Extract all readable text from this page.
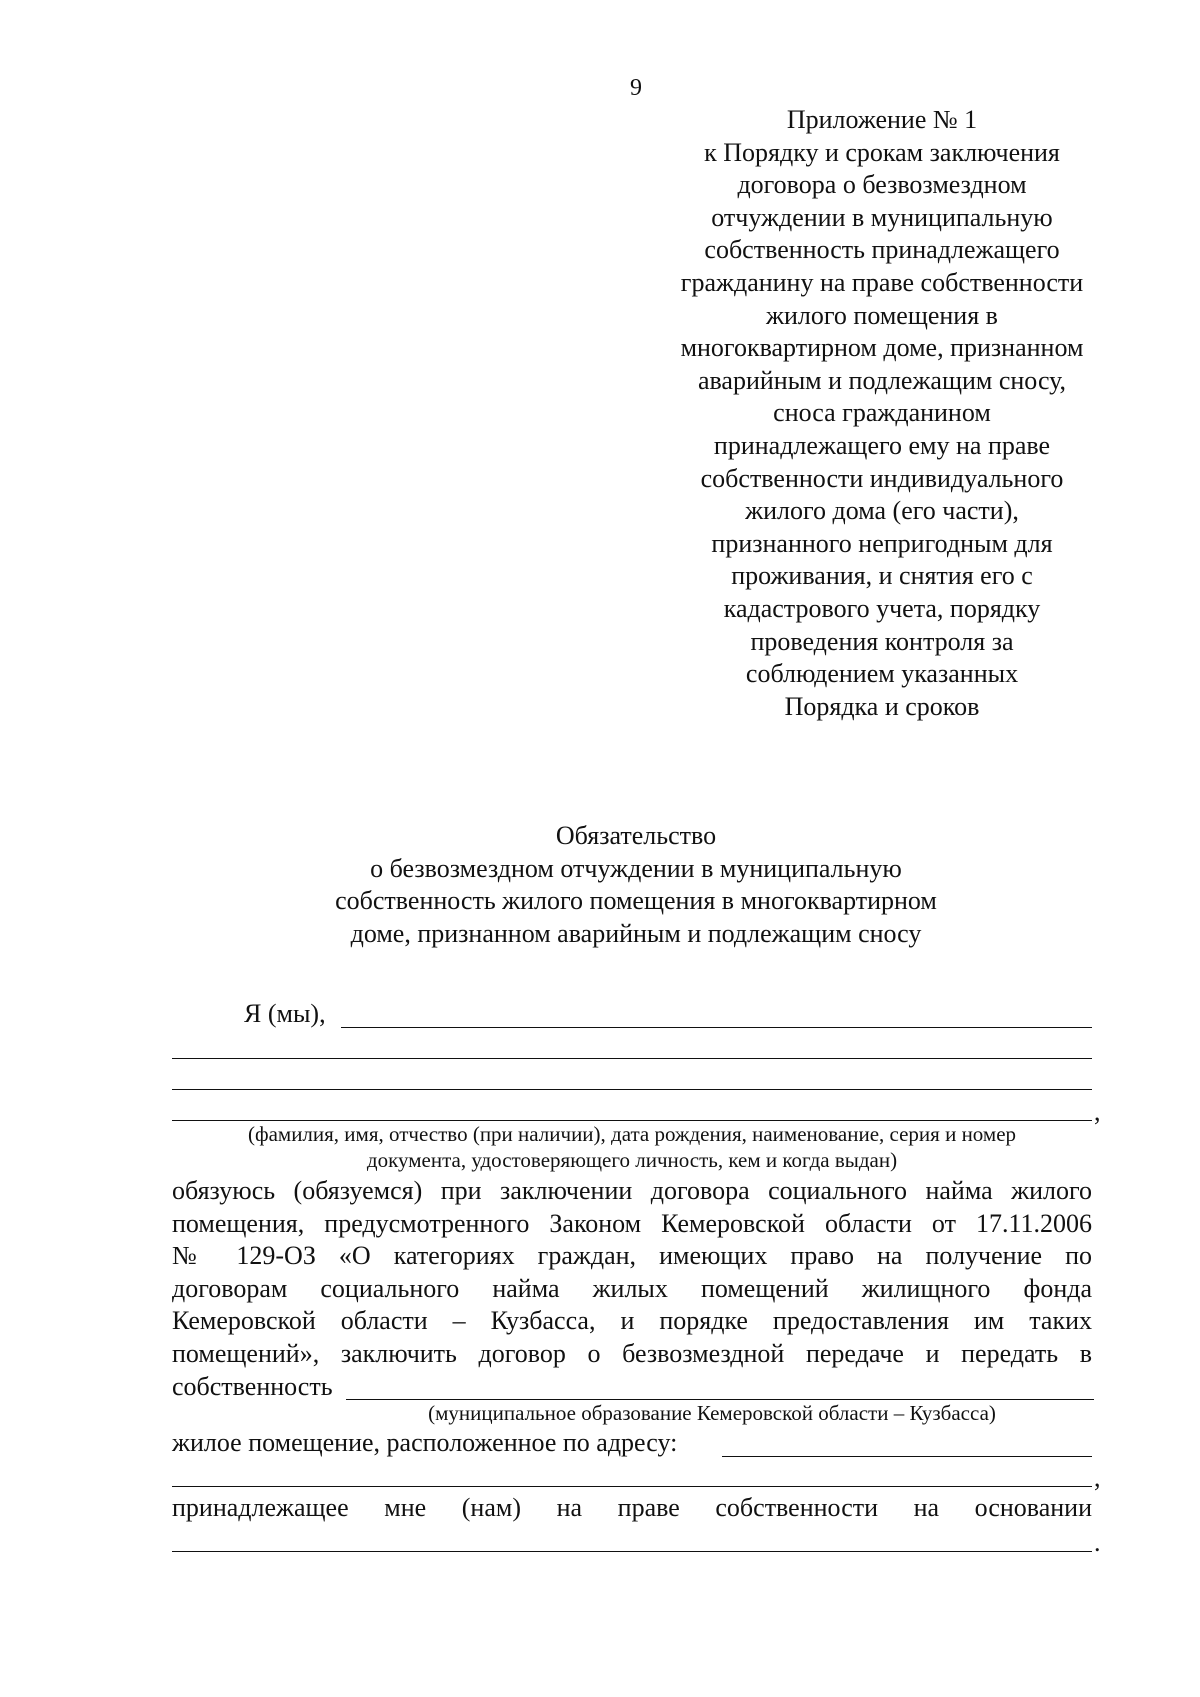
9
Приложение № 1
к Порядку и срокам заключения
договора о безвозмездном
отчуждении в муниципальную
собственность принадлежащего
гражданину на праве собственности
жилого помещения в
многоквартирном доме, признанном
аварийным и подлежащим сносу,
сноса гражданином
принадлежащего ему на праве
собственности индивидуального
жилого дома (его части),
признанного непригодным для
проживания, и снятия его с
кадастрового учета, порядку
проведения контроля за
соблюдением указанных
Порядка и сроков
Обязательство
о безвозмездном отчуждении в муниципальную
собственность жилого помещения в многоквартирном
доме, признанном аварийным и подлежащим сносу
Я (мы),
,
(фамилия, имя, отчество (при наличии), дата рождения, наименование, серия и номер
документа, удостоверяющего личность, кем и когда выдан)
обязуюсь (обязуемся) при заключении договора социального найма жилого
помещения, предусмотренного Законом Кемеровской области от 17.11.2006
№ 129-ОЗ «О категориях граждан, имеющих право на получение по
договорам социального найма жилых помещений жилищного фонда
Кемеровской области – Кузбасса, и порядке предоставления им таких
помещений», заключить договор о безвозмездной передаче и передать в
собственность
(муниципальное образование Кемеровской области – Кузбасса)
жилое помещение, расположенное по адресу:
,
принадлежащее мне (нам) на праве собственности на основании
.
